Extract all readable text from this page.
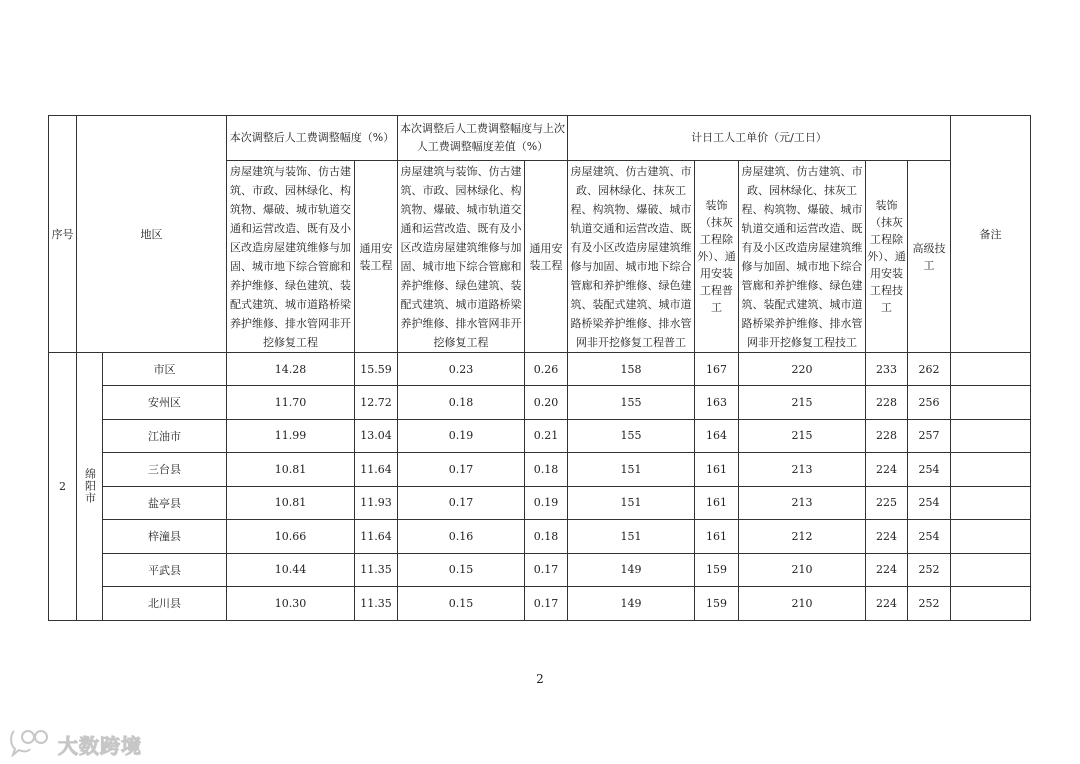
序号	地区		本次调整后人工费调整幅度（%）		本次调整后人工费调整幅度与上次人工费调整幅度差值（%）		计日工人工单价（元/工日）					备注
			房屋建筑与装饰、仿古建筑、市政、园林绿化、构筑物、爆破、城市轨道交通和运营改造、既有及小区改造房屋建筑维修与加固、城市地下综合管廊和养护维修、绿色建筑、装配式建筑、城市道路桥梁养护维修、排水管网非开挖修复工程	通用安装工程	房屋建筑与装饰、仿古建筑、市政、园林绿化、构筑物、爆破、城市轨道交通和运营改造、既有及小区改造房屋建筑维修与加固、城市地下综合管廊和养护维修、绿色建筑、装配式建筑、城市道路桥梁养护维修、排水管网非开挖修复工程	通用安装工程	房屋建筑、仿古建筑、市政、园林绿化、抹灰工程、构筑物、爆破、城市轨道交通和运营改造、既有及小区改造房屋建筑维修与加固、城市地下综合管廊和养护维修、绿色建筑、装配式建筑、城市道路桥梁养护维修、排水管网非开挖修复工程普工	装饰（抹灰工程除外）、通用安装工程普工	房屋建筑、仿古建筑、市政、园林绿化、抹灰工程、构筑物、爆破、城市轨道交通和运营改造、既有及小区改造房屋建筑维修与加固、城市地下综合管廊和养护维修、绿色建筑、装配式建筑、城市道路桥梁养护维修、排水管网非开挖修复工程技工	装饰（抹灰工程除外）、通用安装工程技工	高级技工	
2	绵阳市	市区	14.28	15.59	0.23	0.26	158	167	220	233	262	
		安州区	11.70	12.72	0.18	0.20	155	163	215	228	256	
		江油市	11.99	13.04	0.19	0.21	155	164	215	228	257	
		三台县	10.81	11.64	0.17	0.18	151	161	213	224	254	
		盐亭县	10.81	11.93	0.17	0.19	151	161	213	225	254	
		梓潼县	10.66	11.64	0.16	0.18	151	161	212	224	254	
		平武县	10.44	11.35	0.15	0.17	149	159	210	224	252	
		北川县	10.30	11.35	0.15	0.17	149	159	210	224	252	
2
大数跨境
